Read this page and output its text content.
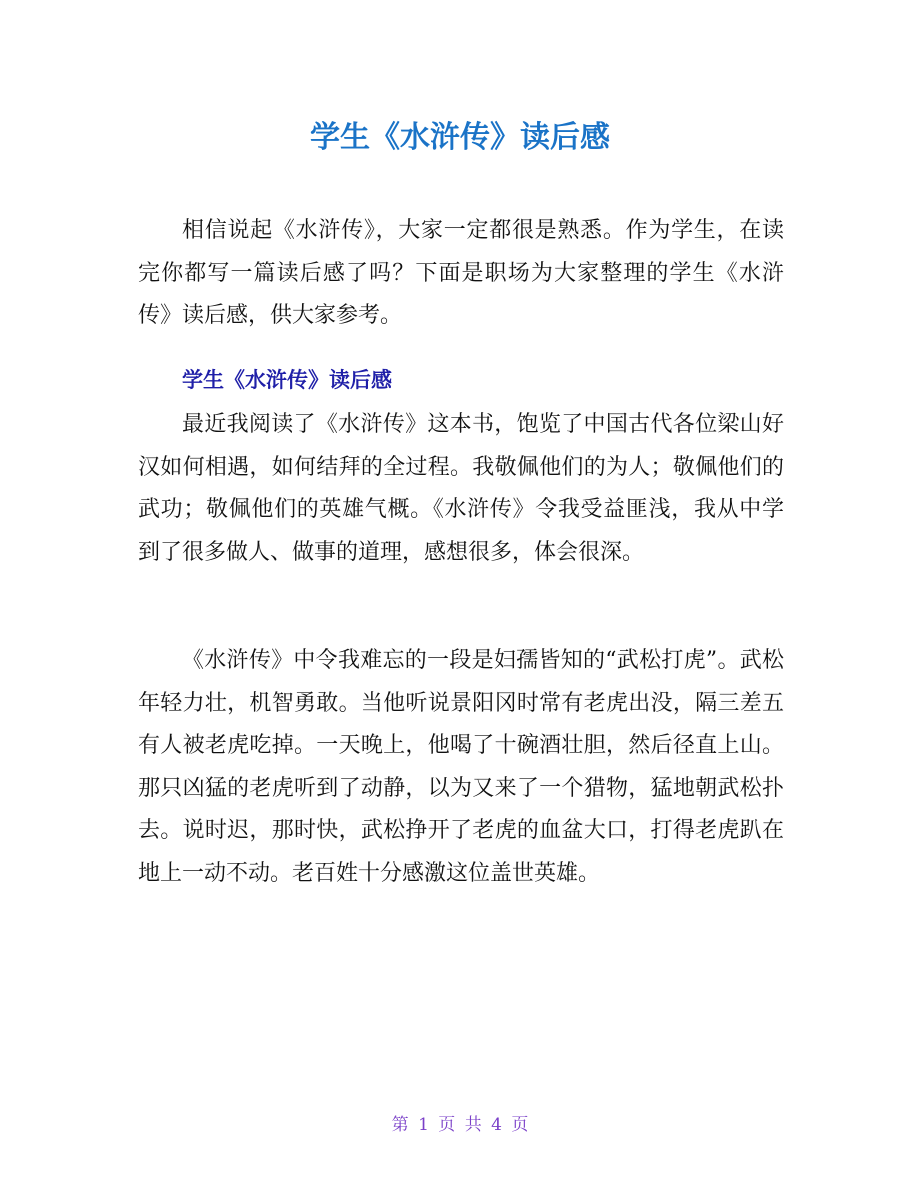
学生《水浒传》读后感

相信说起《水浒传》，大家一定都很是熟悉。作为学生，在读完你都写一篇读后感了吗？下面是职场为大家整理的学生《水浒传》读后感，供大家参考。

学生《水浒传》读后感

最近我阅读了《水浒传》这本书，饱览了中国古代各位梁山好汉如何相遇，如何结拜的全过程。我敬佩他们的为人；敬佩他们的武功；敬佩他们的英雄气概。《水浒传》令我受益匪浅，我从中学到了很多做人、做事的道理，感想很多，体会很深。

《水浒传》中令我难忘的一段是妇孺皆知的“武松打虎”。武松年轻力壮，机智勇敢。当他听说景阳冈时常有老虎出没，隔三差五有人被老虎吃掉。一天晚上，他喝了十碗酒壮胆，然后径直上山。那只凶猛的老虎听到了动静，以为又来了一个猎物，猛地朝武松扑去。说时迟，那时快，武松挣开了老虎的血盆大口，打得老虎趴在地上一动不动。老百姓十分感激这位盖世英雄。

第 1 页 共 4 页
